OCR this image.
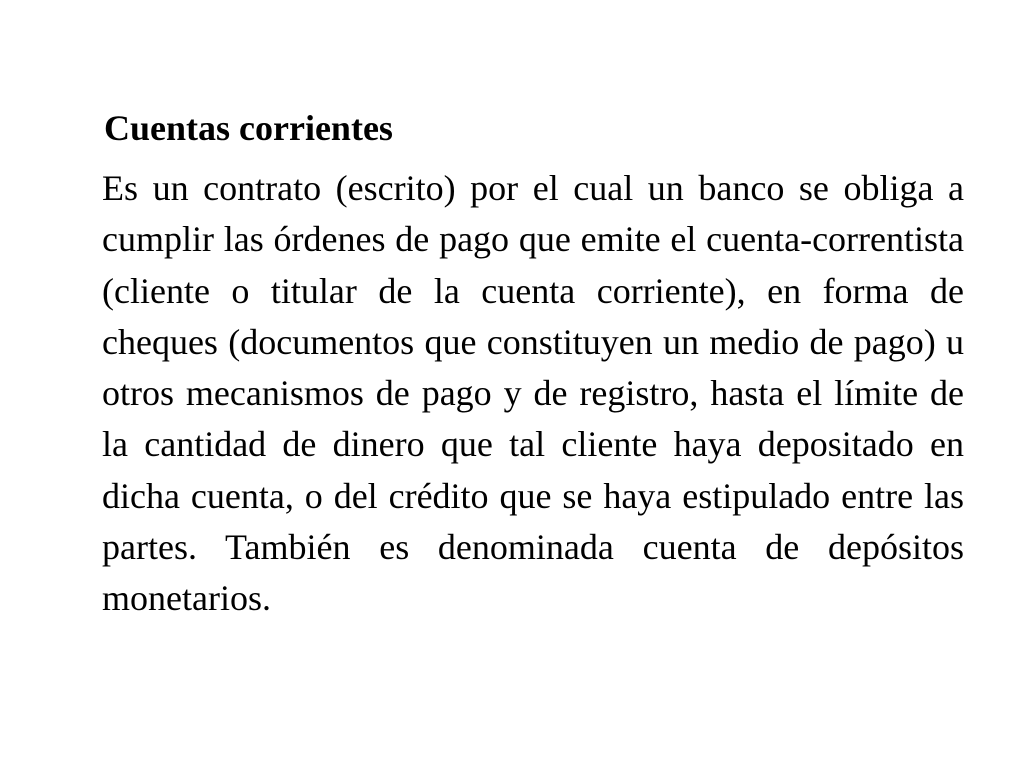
Cuentas corrientes

Es un contrato (escrito) por el cual un banco se obliga a cumplir las órdenes de pago que emite el cuenta-correntista (cliente o titular de la cuenta corriente), en forma de cheques (documentos que constituyen un medio de pago) u otros mecanismos de pago y de registro, hasta el límite de la cantidad de dinero que tal cliente haya depositado en dicha cuenta, o del crédito que se haya estipulado entre las partes. También es denominada cuenta de depósitos monetarios.
